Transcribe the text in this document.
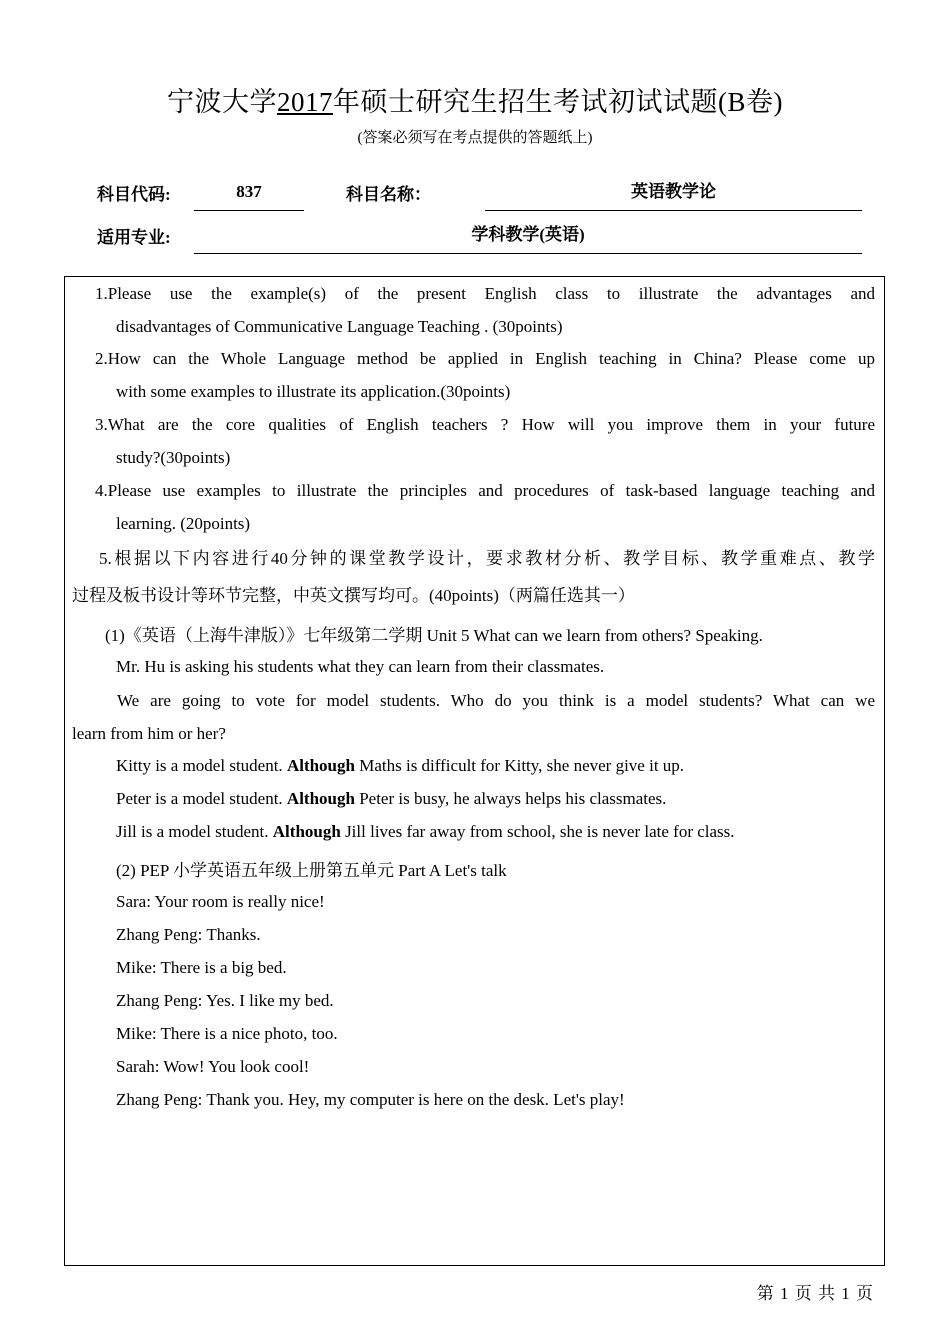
宁波大学2017年硕士研究生招生考试初试试题(B卷)
(答案必须写在考点提供的答题纸上)
科目代码:	837	科目名称：	英语教学论
适用专业:	学科教学(英语)
1.Please use the example(s) of the present English class to illustrate the advantages and
disadvantages of Communicative Language Teaching . (30points)
2.How can the Whole Language method be applied in English teaching in China? Please come up
with some examples to illustrate its application.(30points)
3.What are the core qualities of English teachers ? How will you improve them in your future
study?(30points)
4.Please use examples to illustrate the principles and procedures of task-based language teaching and
learning. (20points)
5.根据以下内容进行40分钟的课堂教学设计，要求教材分析、教学目标、教学重难点、教学
过程及板书设计等环节完整，中英文撰写均可。(40points)（两篇任选其一）
(1)《英语（上海牛津版）》七年级第二学期 Unit 5 What can we learn from others? Speaking.
Mr. Hu is asking his students what they can learn from their classmates.
We are going to vote for model students. Who do you think is a model students? What can we
learn from him or her?
Kitty is a model student. Although Maths is difficult for Kitty, she never give it up.
Peter is a model student. Although Peter is busy, he always helps his classmates.
Jill is a model student. Although Jill lives far away from school, she is never late for class.
(2) PEP 小学英语五年级上册第五单元 Part A Let's talk
Sara: Your room is really nice!
Zhang Peng: Thanks.
Mike: There is a big bed.
Zhang Peng: Yes. I like my bed.
Mike: There is a nice photo, too.
Sarah: Wow! You look cool!
Zhang Peng: Thank you. Hey, my computer is here on the desk. Let's play!
第 1 页 共 1 页
